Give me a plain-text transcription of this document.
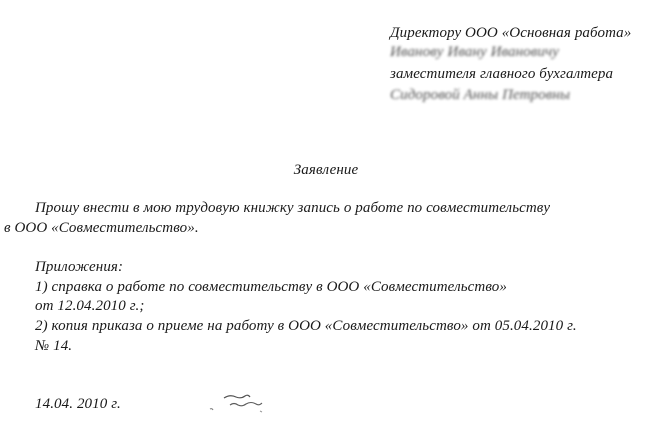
Директору ООО «Основная работа»
Иванову Ивану Ивановичу
заместителя главного бухгалтера
Сидоровой Анны Петровны
Заявление
Прошу внести в мою трудовую книжку запись о работе по совместительству
в ООО «Совместительство».
Приложения:
1) справка о работе по совместительству в ООО «Совместительство»
от 12.04.2010 г.;
2) копия приказа о приеме на работу в ООО «Совместительство» от 05.04.2010 г.
№ 14.
14.04. 2010 г.
